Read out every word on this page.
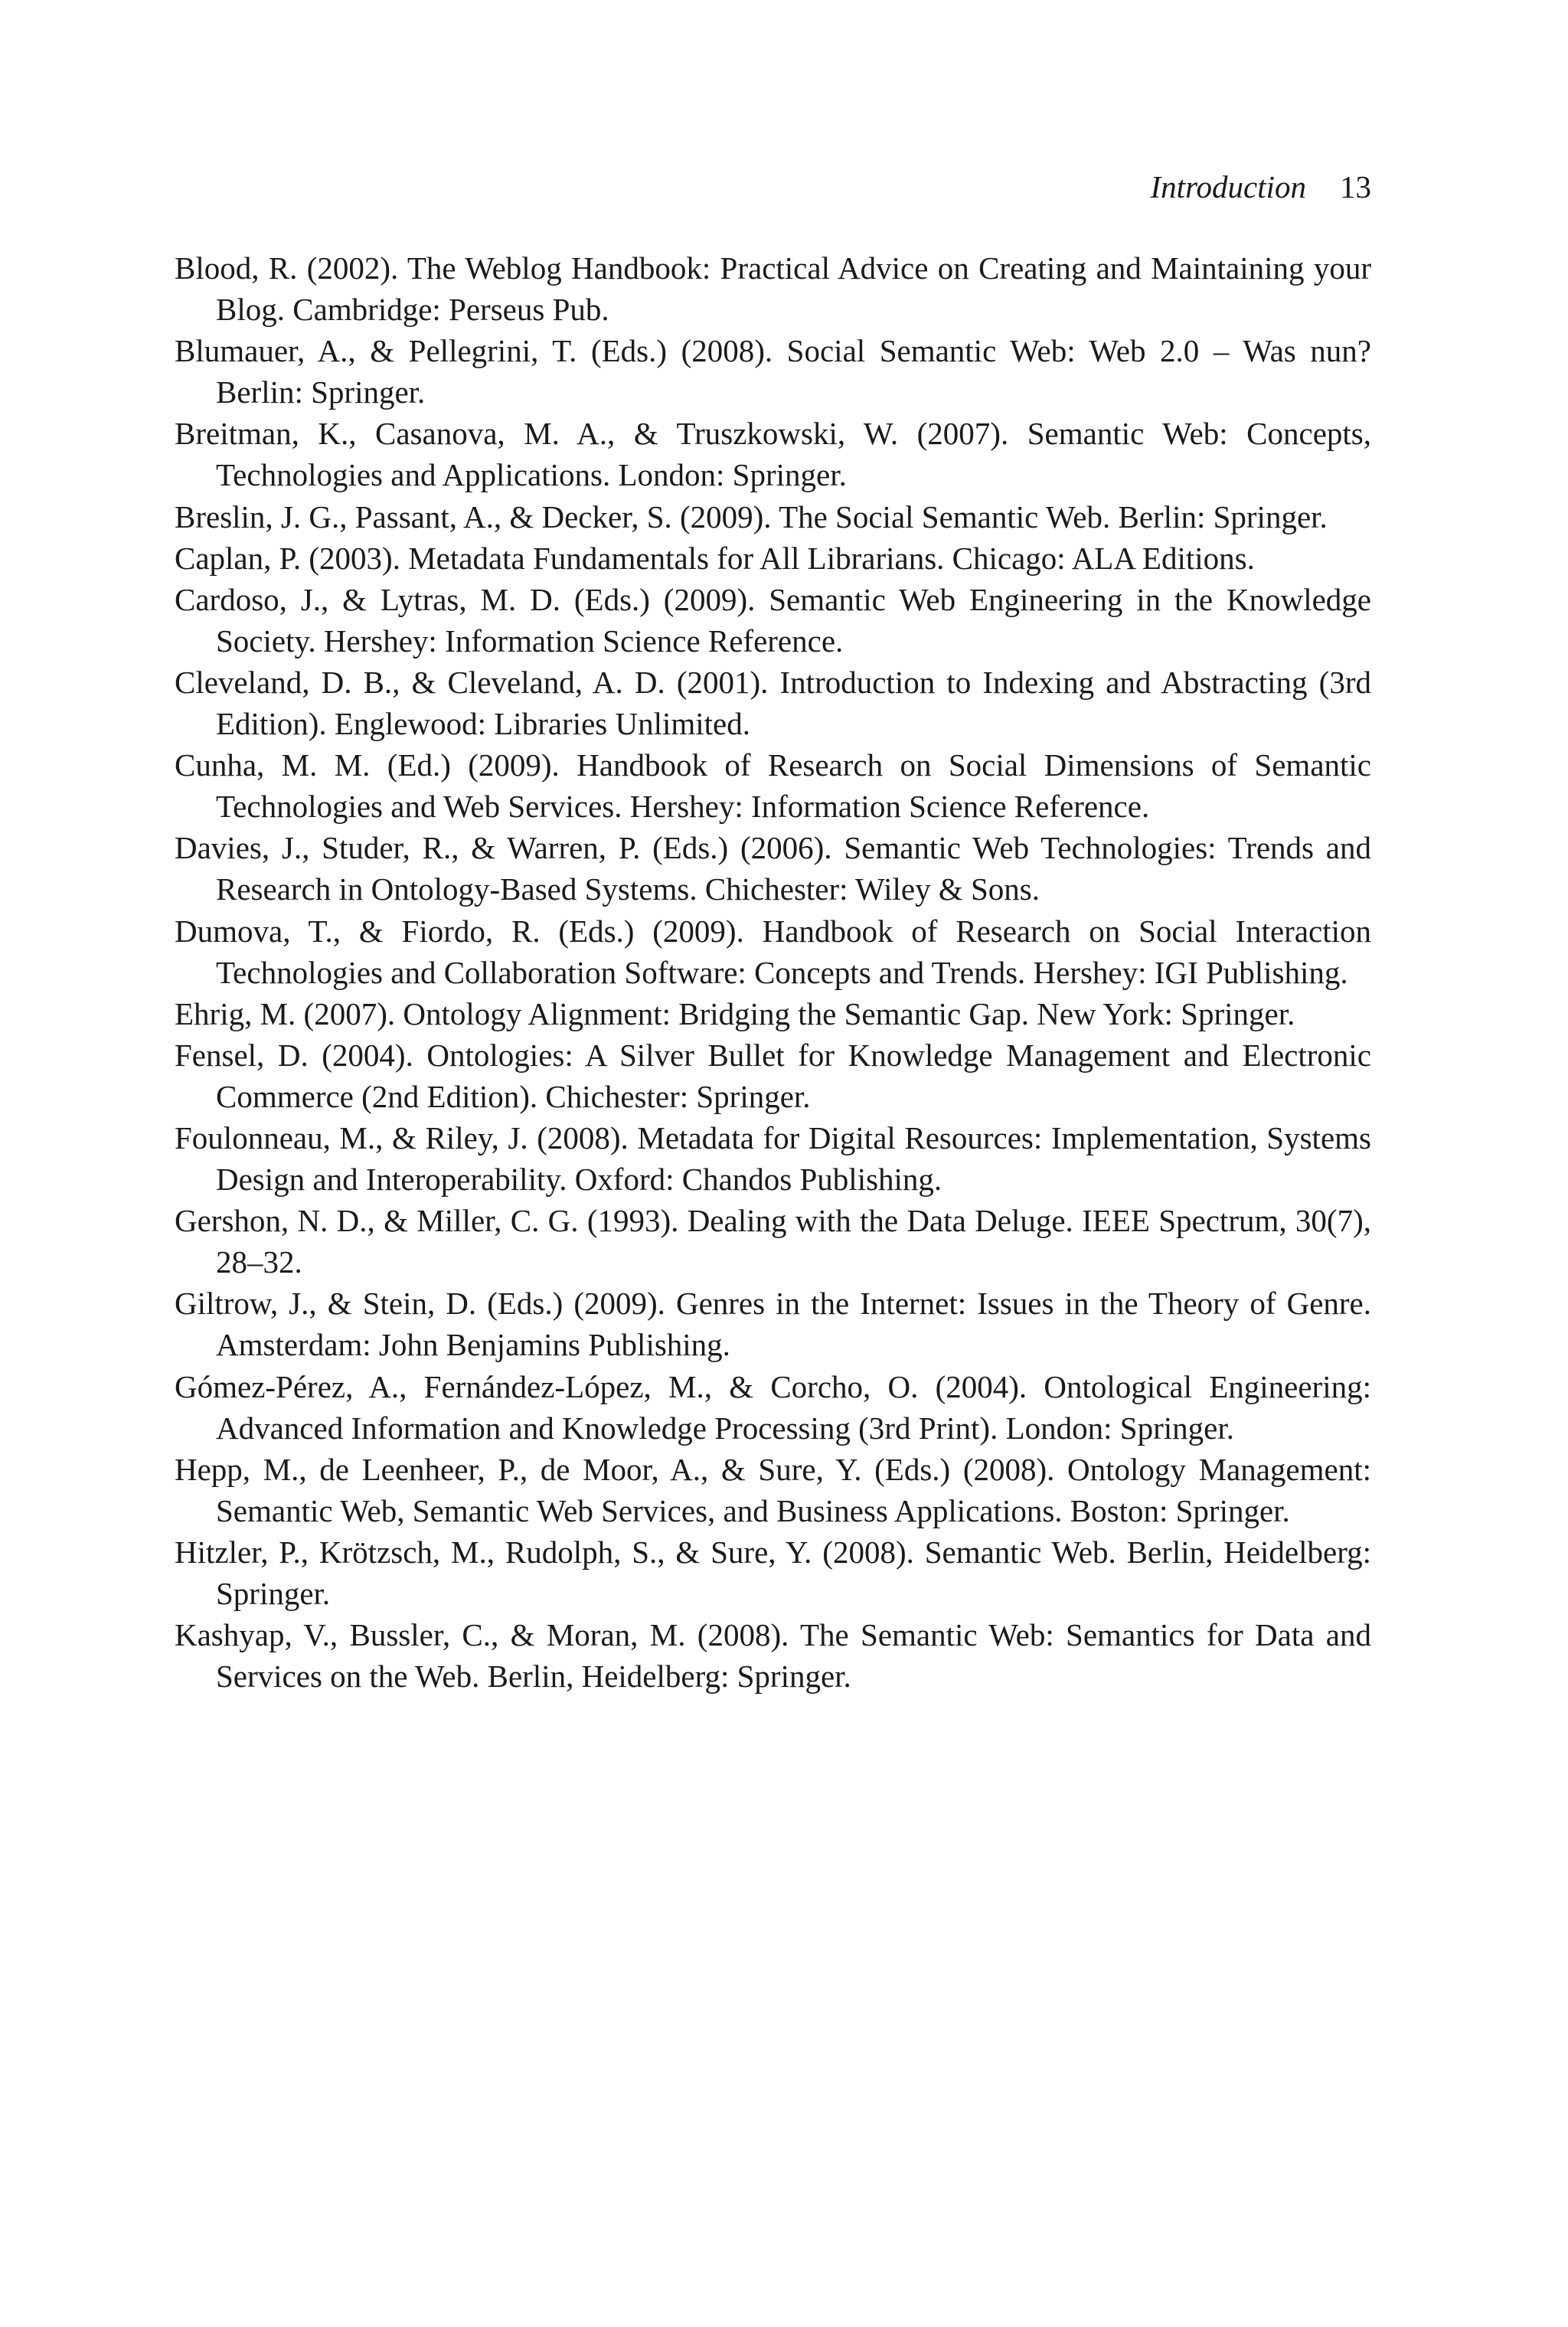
Introduction 13
Blood, R. (2002). The Weblog Handbook: Practical Advice on Creating and Maintaining your Blog. Cambridge: Perseus Pub.
Blumauer, A., & Pellegrini, T. (Eds.) (2008). Social Semantic Web: Web 2.0 – Was nun? Berlin: Springer.
Breitman, K., Casanova, M. A., & Truszkowski, W. (2007). Semantic Web: Concepts, Technologies and Applications. London: Springer.
Breslin, J. G., Passant, A., & Decker, S. (2009). The Social Semantic Web. Berlin: Springer.
Caplan, P. (2003). Metadata Fundamentals for All Librarians. Chicago: ALA Editions.
Cardoso, J., & Lytras, M. D. (Eds.) (2009). Semantic Web Engineering in the Knowledge Society. Hershey: Information Science Reference.
Cleveland, D. B., & Cleveland, A. D. (2001). Introduction to Indexing and Abstracting (3rd Edition). Englewood: Libraries Unlimited.
Cunha, M. M. (Ed.) (2009). Handbook of Research on Social Dimensions of Semantic Technologies and Web Services. Hershey: Information Science Reference.
Davies, J., Studer, R., & Warren, P. (Eds.) (2006). Semantic Web Technologies: Trends and Research in Ontology-Based Systems. Chichester: Wiley & Sons.
Dumova, T., & Fiordo, R. (Eds.) (2009). Handbook of Research on Social Interaction Technologies and Collaboration Software: Concepts and Trends. Hershey: IGI Publishing.
Ehrig, M. (2007). Ontology Alignment: Bridging the Semantic Gap. New York: Springer.
Fensel, D. (2004). Ontologies: A Silver Bullet for Knowledge Management and Electronic Commerce (2nd Edition). Chichester: Springer.
Foulonneau, M., & Riley, J. (2008). Metadata for Digital Resources: Implementation, Systems Design and Interoperability. Oxford: Chandos Publishing.
Gershon, N. D., & Miller, C. G. (1993). Dealing with the Data Deluge. IEEE Spectrum, 30(7), 28–32.
Giltrow, J., & Stein, D. (Eds.) (2009). Genres in the Internet: Issues in the Theory of Genre. Amsterdam: John Benjamins Publishing.
Gómez-Pérez, A., Fernández-López, M., & Corcho, O. (2004). Ontological Engineering: Advanced Information and Knowledge Processing (3rd Print). London: Springer.
Hepp, M., de Leenheer, P., de Moor, A., & Sure, Y. (Eds.) (2008). Ontology Management: Semantic Web, Semantic Web Services, and Business Applications. Boston: Springer.
Hitzler, P., Krötzsch, M., Rudolph, S., & Sure, Y. (2008). Semantic Web. Berlin, Heidelberg: Springer.
Kashyap, V., Bussler, C., & Moran, M. (2008). The Semantic Web: Semantics for Data and Services on the Web. Berlin, Heidelberg: Springer.
